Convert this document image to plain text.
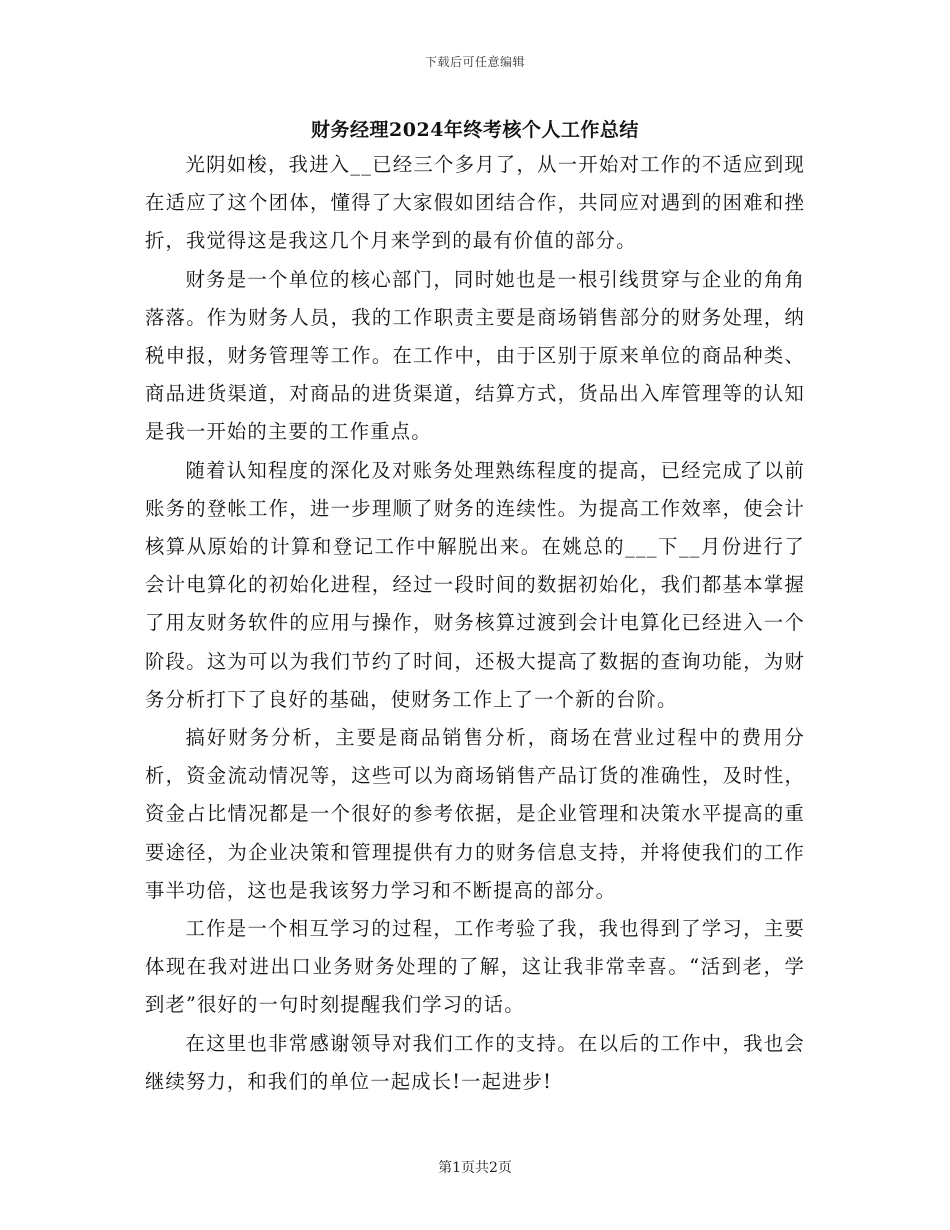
下载后可任意编辑
财务经理2024年终考核个人工作总结

光阴如梭，我进入__已经三个多月了，从一开始对工作的不适应到现在适应了这个团体，懂得了大家假如团结合作，共同应对遇到的困难和挫折，我觉得这是我这几个月来学到的最有价值的部分。

财务是一个单位的核心部门，同时她也是一根引线贯穿与企业的角角落落。作为财务人员，我的工作职责主要是商场销售部分的财务处理，纳税申报，财务管理等工作。在工作中，由于区别于原来单位的商品种类、商品进货渠道，对商品的进货渠道，结算方式，货品出入库管理等的认知是我一开始的主要的工作重点。

随着认知程度的深化及对账务处理熟练程度的提高，已经完成了以前账务的登帐工作，进一步理顺了财务的连续性。为提高工作效率，使会计核算从原始的计算和登记工作中解脱出来。在姚总的___下__月份进行了会计电算化的初始化进程，经过一段时间的数据初始化，我们都基本掌握了用友财务软件的应用与操作，财务核算过渡到会计电算化已经进入一个阶段。这为可以为我们节约了时间，还极大提高了数据的查询功能，为财务分析打下了良好的基础，使财务工作上了一个新的台阶。

搞好财务分析，主要是商品销售分析，商场在营业过程中的费用分析，资金流动情况等，这些可以为商场销售产品订货的准确性，及时性，资金占比情况都是一个很好的参考依据，是企业管理和决策水平提高的重要途径，为企业决策和管理提供有力的财务信息支持，并将使我们的工作事半功倍，这也是我该努力学习和不断提高的部分。

工作是一个相互学习的过程，工作考验了我，我也得到了学习，主要体现在我对进出口业务财务处理的了解，这让我非常幸喜。“活到老，学到老”很好的一句时刻提醒我们学习的话。

在这里也非常感谢领导对我们工作的支持。在以后的工作中，我也会继续努力，和我们的单位一起成长!一起进步!

第1页共2页
